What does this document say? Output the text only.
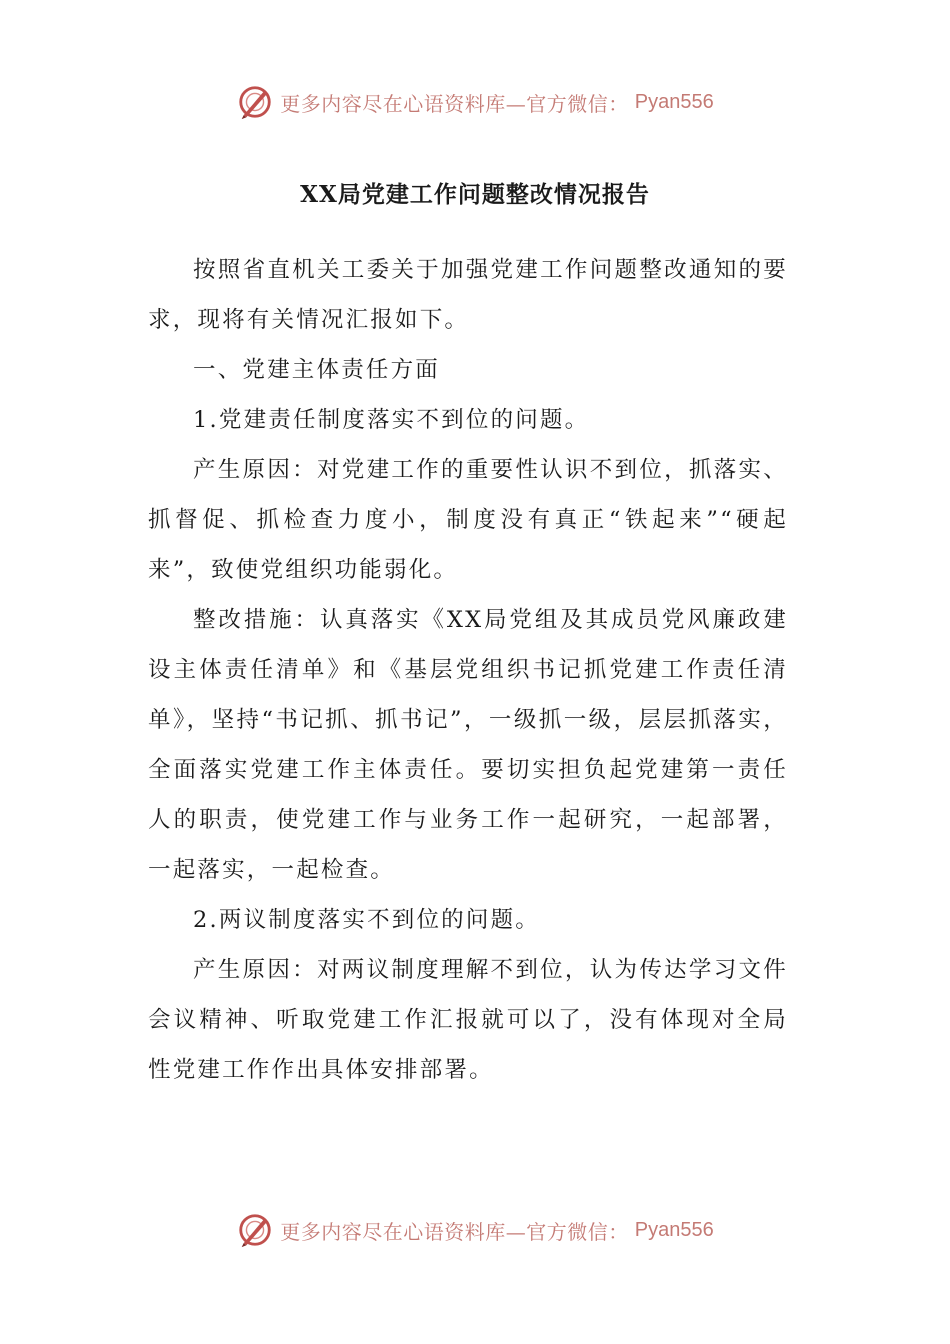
更多内容尽在心语资料库—官方微信： Pyan556
XX局党建工作问题整改情况报告

按照省直机关工委关于加强党建工作问题整改通知的要求，现将有关情况汇报如下。

一、党建主体责任方面

1.党建责任制度落实不到位的问题。

产生原因：对党建工作的重要性认识不到位，抓落实、抓督促、抓检查力度小，制度没有真正“铁起来”“硬起来”，致使党组织功能弱化。

整改措施：认真落实《XX局党组及其成员党风廉政建设主体责任清单》和《基层党组织书记抓党建工作责任清单》，坚持“书记抓、抓书记”，一级抓一级，层层抓落实，全面落实党建工作主体责任。要切实担负起党建第一责任人的职责，使党建工作与业务工作一起研究，一起部署，一起落实，一起检查。

2.两议制度落实不到位的问题。

产生原因：对两议制度理解不到位，认为传达学习文件会议精神、听取党建工作汇报就可以了，没有体现对全局性党建工作作出具体安排部署。

更多内容尽在心语资料库—官方微信： Pyan556
